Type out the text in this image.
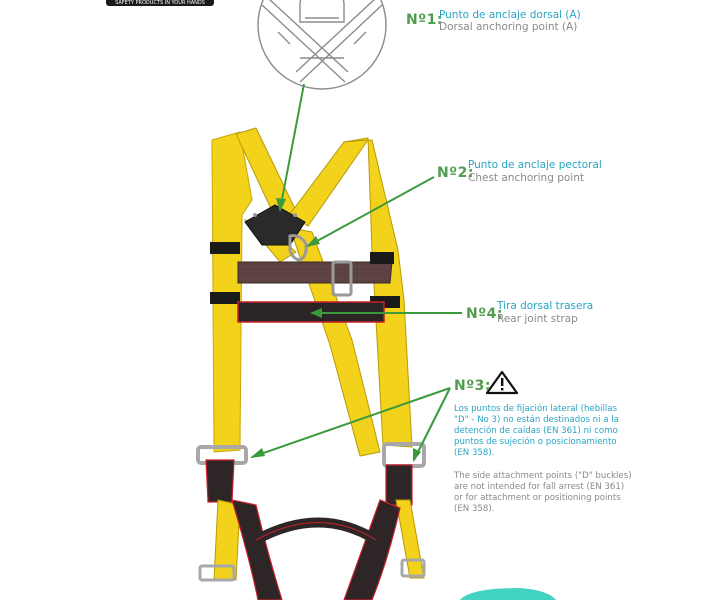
SAFETY PRODUCTS IN YOUR HANDS
Nº1:
Punto de anclaje dorsal (A)
Dorsal anchoring point (A)
Nº2:
Punto de anclaje pectoral
Chest anchoring point
Nº4:
Tira dorsal trasera
Rear joint strap
Nº3:
Los puntos de fijación lateral (hebillas
"D" - No 3) no están destinados ni a la
detención de caídas (EN 361) ni como
puntos de sujeción o posicionamiento
(EN 358).
The side attachment points ("D" buckles)
are not intended for fall arrest (EN 361)
or for attachment or positioning points
(EN 358).
